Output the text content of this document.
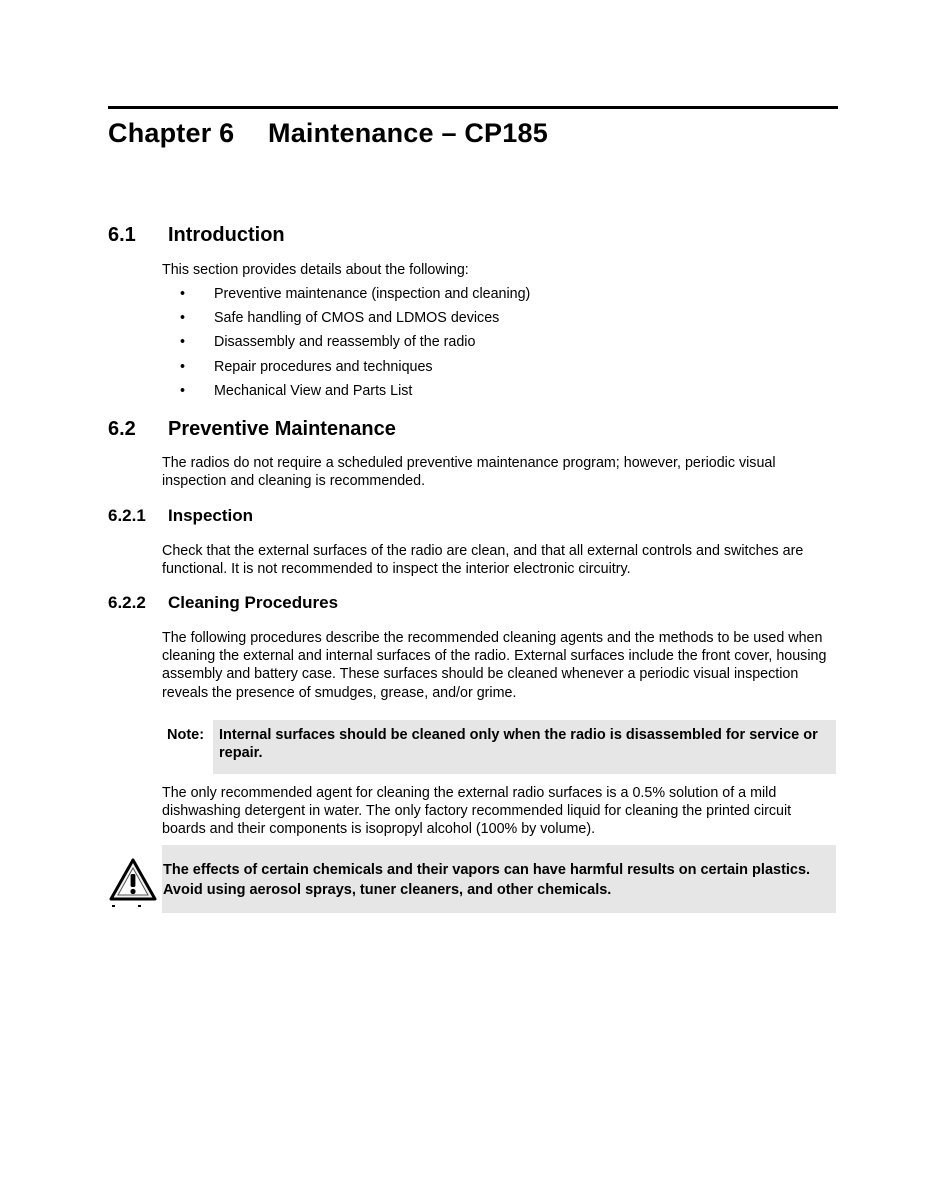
Chapter 6 Maintenance – CP185
6.1 Introduction

This section provides details about the following:

• Preventive maintenance (inspection and cleaning)
• Safe handling of CMOS and LDMOS devices
• Disassembly and reassembly of the radio
• Repair procedures and techniques
• Mechanical View and Parts List
6.2 Preventive Maintenance

The radios do not require a scheduled preventive maintenance program; however, periodic visual inspection and cleaning is recommended.

6.2.1 Inspection

Check that the external surfaces of the radio are clean, and that all external controls and switches are functional. It is not recommended to inspect the interior electronic circuitry.

6.2.2 Cleaning Procedures

The following procedures describe the recommended cleaning agents and the methods to be used when cleaning the external and internal surfaces of the radio. External surfaces include the front cover, housing assembly and battery case. These surfaces should be cleaned whenever a periodic visual inspection reveals the presence of smudges, grease, and/or grime.

Note: Internal surfaces should be cleaned only when the radio is disassembled for service or repair.

The only recommended agent for cleaning the external radio surfaces is a 0.5% solution of a mild dishwashing detergent in water. The only factory recommended liquid for cleaning the printed circuit boards and their components is isopropyl alcohol (100% by volume).

The effects of certain chemicals and their vapors can have harmful results on certain plastics. Avoid using aerosol sprays, tuner cleaners, and other chemicals.
